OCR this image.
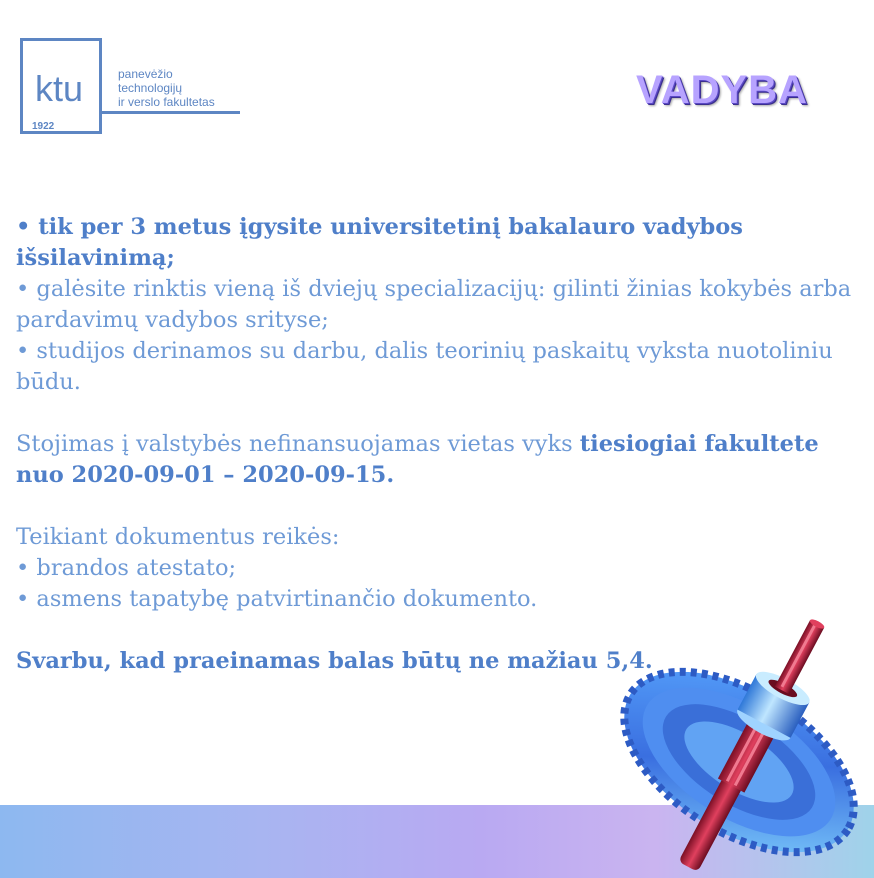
ktu
1922
panevėžio
technologijų
ir verslo fakultetas	VADYBA

• tik per 3 metus įgysite universitetinį bakalauro vadybos išsilavinimą;

• galėsite rinktis vieną iš dviejų specializacijų: gilinti žinias kokybės arba pardavimų vadybos srityse;

• studijos derinamos su darbu, dalis teorinių paskaitų vyksta nuotoliniu būdu.

Stojimas į valstybės nefinansuojamas vietas vyks tiesiogiai fakultete nuo 2020-09-01 – 2020-09-15.

Teikiant dokumentus reikės:

• brandos atestato;

• asmens tapatybę patvirtinančio dokumento.

Svarbu, kad praeinamas balas būtų ne mažiau 5,4.
